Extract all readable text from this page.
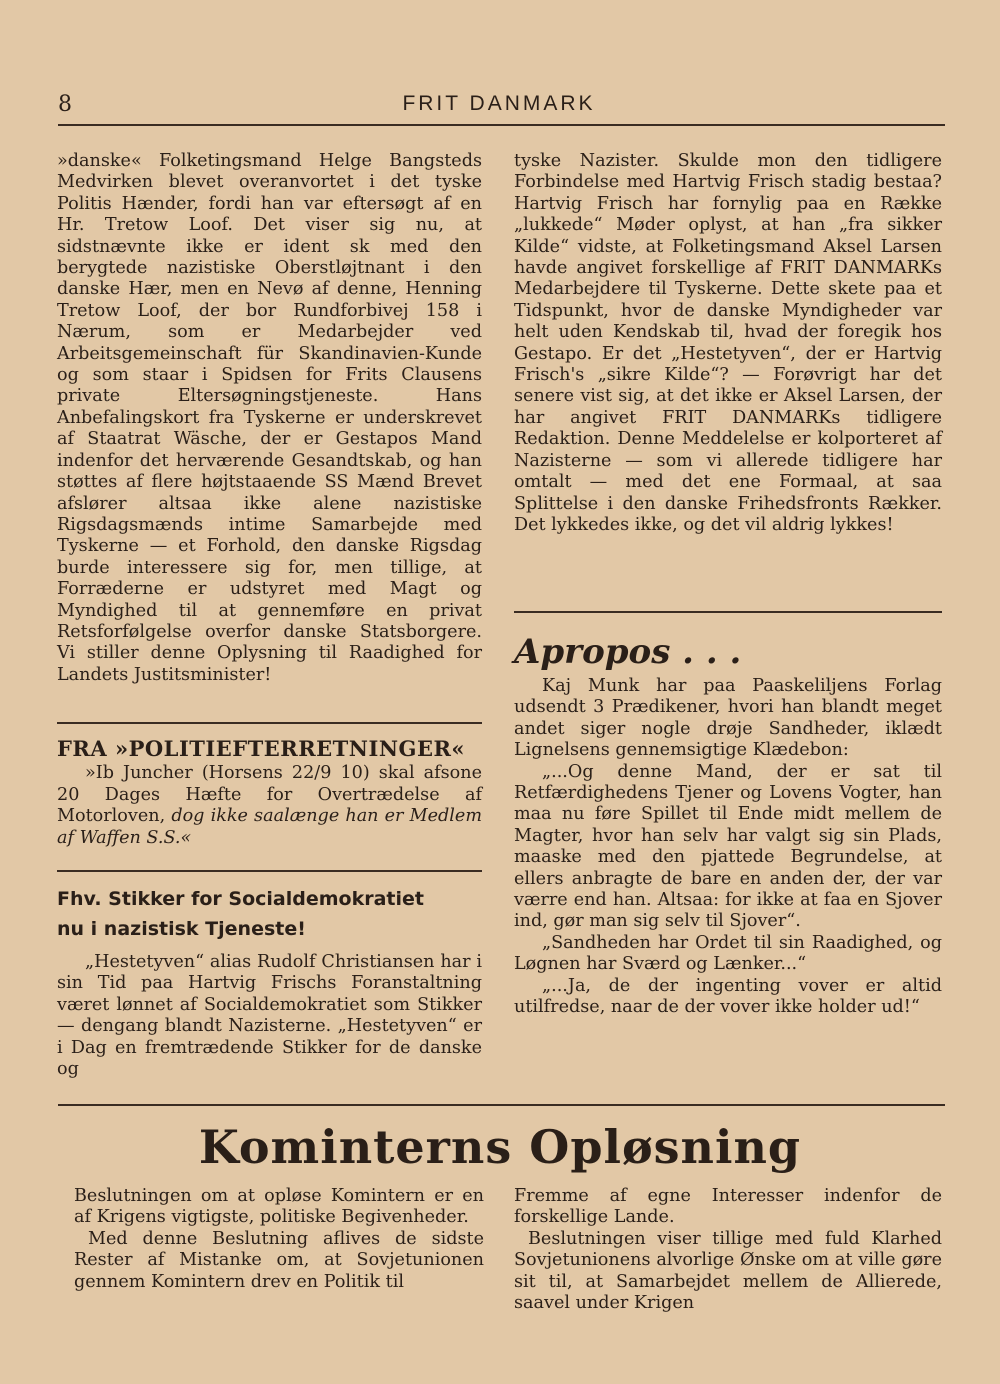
8	FRIT DANMARK

»danske« Folketingsmand Helge Bangsteds Medvirken blevet overanvortet i det tyske Politis Hænder, fordi han var eftersøgt af en Hr. Tretow Loof. Det viser sig nu, at sidstnævnte ikke er ident sk med den berygtede nazistiske Oberstløjtnant i den danske Hær, men en Nevø af denne, Henning Tretow Loof, der bor Rundforbivej 158 i Nærum, som er Medarbejder ved Arbeitsgemeinschaft für Skandinavien-Kunde og som staar i Spidsen for Frits Clausens private Eltersøgningstjeneste. Hans Anbefalingskort fra Tyskerne er underskrevet af Staatrat Wäsche, der er Gestapos Mand indenfor det herværende Gesandtskab, og han støttes af flere højtstaaende SS Mænd Brevet afslører altsaa ikke alene nazistiske Rigsdagsmænds intime Samarbejde med Tyskerne — et Forhold, den danske Rigsdag burde interessere sig for, men tillige, at Forræderne er udstyret med Magt og Myndighed til at gennemføre en privat Retsforfølgelse overfor danske Statsborgere. Vi stiller denne Oplysning til Raadighed for Landets Justitsminister!

FRA »POLITIEFTERRETNINGER«

»Ib Juncher (Horsens 22/9 10) skal afsone 20 Dages Hæfte for Overtrædelse af Motorloven, dog ikke saalænge han er Medlem af Waffen S.S.«

Fhv. Stikker for Socialdemokratiet

nu i nazistisk Tjeneste!

„Hestetyven“ alias Rudolf Christiansen har i sin Tid paa Hartvig Frischs Foranstaltning været lønnet af Socialdemokratiet som Stikker — dengang blandt Nazisterne. „Hestetyven“ er i Dag en fremtrædende Stikker for de danske og

tyske Nazister. Skulde mon den tidligere Forbindelse med Hartvig Frisch stadig bestaa? Hartvig Frisch har fornylig paa en Række „lukkede“ Møder oplyst, at han „fra sikker Kilde“ vidste, at Folketingsmand Aksel Larsen havde angivet forskellige af FRIT DANMARKs Medarbejdere til Tyskerne. Dette skete paa et Tidspunkt, hvor de danske Myndigheder var helt uden Kendskab til, hvad der foregik hos Gestapo. Er det „Hestetyven“, der er Hartvig Frisch's „sikre Kilde“? — Forøvrigt har det senere vist sig, at det ikke er Aksel Larsen, der har angivet FRIT DANMARKs tidligere Redaktion. Denne Meddelelse er kolporteret af Nazisterne — som vi allerede tidligere har omtalt — med det ene Formaal, at saa Splittelse i den danske Frihedsfronts Rækker. Det lykkedes ikke, og det vil aldrig lykkes!

Apropos . . .

Kaj Munk har paa Paaskeliljens Forlag udsendt 3 Prædikener, hvori han blandt meget andet siger nogle drøje Sandheder, iklædt Lignelsens gennemsigtige Klædebon:

„...Og denne Mand, der er sat til Retfærdighedens Tjener og Lovens Vogter, han maa nu føre Spillet til Ende midt mellem de Magter, hvor han selv har valgt sig sin Plads, maaske med den pjattede Begrundelse, at ellers anbragte de bare en anden der, der var værre end han. Altsaa: for ikke at faa en Sjover ind, gør man sig selv til Sjover“.

„Sandheden har Ordet til sin Raadighed, og Løgnen har Sværd og Lænker...“

„...Ja, de der ingenting vover er altid utilfredse, naar de der vover ikke holder ud!“

Kominterns Opløsning

Beslutningen om at opløse Komintern er en af Krigens vigtigste, politiske Begivenheder.

Med denne Beslutning aflives de sidste Rester af Mistanke om, at Sovjetunionen gennem Komintern drev en Politik til

Fremme af egne Interesser indenfor de forskellige Lande.

Beslutningen viser tillige med fuld Klarhed Sovjetunionens alvorlige Ønske om at ville gøre sit til, at Samarbejdet mellem de Allierede, saavel under Krigen
